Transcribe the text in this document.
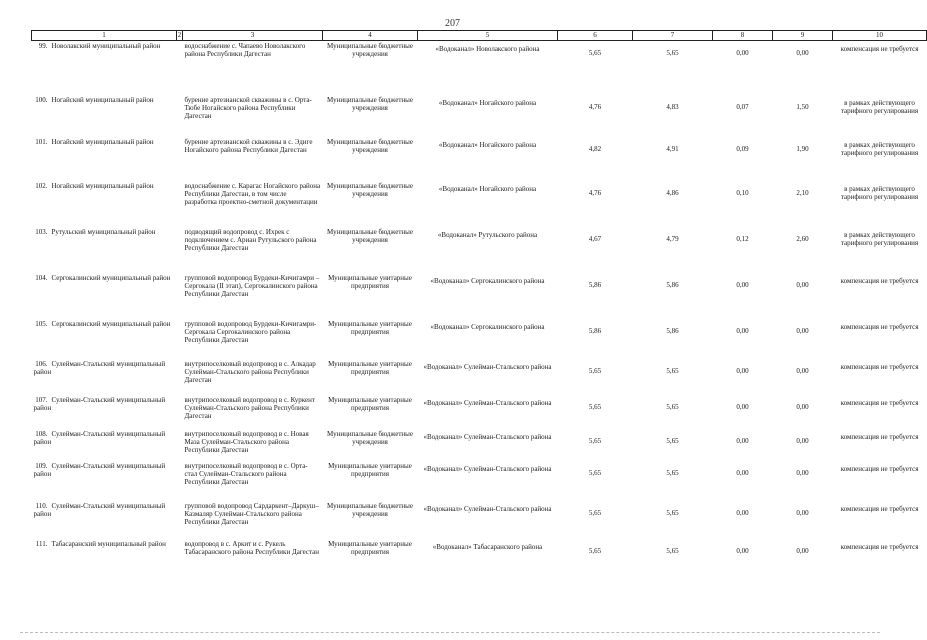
207
1	2	3	4	5	6	7	8	9	10
99. Новолакский муниципальный район		водоснабжение с. Чапаево Новолакского района Республики Дагестан	Муниципальные бюджетные учреждения	«Водоканал» Новолакского района	5,65	5,65	0,00	0,00	компенсация не требуется
100. Ногайский муниципальный район		бурение артезианской скважины в с. Орта-Тюбе Ногайского района Республики Дагестан	Муниципальные бюджетные учреждения	«Водоканал» Ногайского района	4,76	4,83	0,07	1,50	в рамках действующего тарифного регулирования
101. Ногайский муниципальный район		бурение артезианской скважины в с. Эдиге Ногайского района Республики Дагестан	Муниципальные бюджетные учреждения	«Водоканал» Ногайского района	4,82	4,91	0,09	1,90	в рамках действующего тарифного регулирования
102. Ногайский муниципальный район		водоснабжение с. Карагас Ногайского района Республики Дагестан, в том числе разработка проектно-сметной документации	Муниципальные бюджетные учреждения	«Водоканал» Ногайского района	4,76	4,86	0,10	2,10	в рамках действующего тарифного регулирования
103. Рутульский муниципальный район		подводящий водопровод с. Ихрек с подключением с. Ариан Рутульского района Республики Дагестан	Муниципальные бюджетные учреждения	«Водоканал» Рутульского района	4,67	4,79	0,12	2,60	в рамках действующего тарифного регулирования
104. Сергокалинский муниципальный район		групповой водопровод Бурдеки-Кичигамри – Сергокала (II этап), Сергокалинского района Республики Дагестан	Муниципальные унитарные предприятия	«Водоканал» Сергокалинского района	5,86	5,86	0,00	0,00	компенсация не требуется
105. Сергокалинский муниципальный район		групповой водопровод Бурдеки-Кичигамри-Сергокала Сергокалинского района Республики Дагестан	Муниципальные унитарные предприятия	«Водоканал» Сергокалинского района	5,86	5,86	0,00	0,00	компенсация не требуется
106. Сулейман-Стальский муниципальный район		внутрипоселковый водопровод в с. Алкадар Сулейман-Стальского района Республики Дагестан	Муниципальные унитарные предприятия	«Водоканал» Сулейман-Стальского района	5,65	5,65	0,00	0,00	компенсация не требуется
107. Сулейман-Стальский муниципальный район		внутрипоселковый водопровод в с. Куркент Сулейман-Стальского района Республики Дагестан	Муниципальные унитарные предприятия	«Водоканал» Сулейман-Стальского района	5,65	5,65	0,00	0,00	компенсация не требуется
108. Сулейман-Стальский муниципальный район		внутрипоселковый водопровод в с. Новая Маза Сулейман-Стальского района Республики Дагестан	Муниципальные бюджетные учреждения	«Водоканал» Сулейман-Стальского района	5,65	5,65	0,00	0,00	компенсация не требуется
109. Сулейман-Стальский муниципальный район		внутрипоселковый водопровод в с. Орта-стал Сулейман-Стальского района Республики Дагестан	Муниципальные унитарные предприятия	«Водоканал» Сулейман-Стальского района	5,65	5,65	0,00	0,00	компенсация не требуется
110. Сулейман-Стальский муниципальный район		групповой водопровод Сардаркент–Даркуш–Казмаляр Сулейман-Стальского района Республики Дагестан	Муниципальные бюджетные учреждения	«Водоканал» Сулейман-Стальского района	5,65	5,65	0,00	0,00	компенсация не требуется
111. Табасаранский муниципальный район		водопровод в с. Аркит и с. Рукель Табасаранского района Республики Дагестан	Муниципальные унитарные предприятия	«Водоканал» Табасаранского района	5,65	5,65	0,00	0,00	компенсация не требуется
